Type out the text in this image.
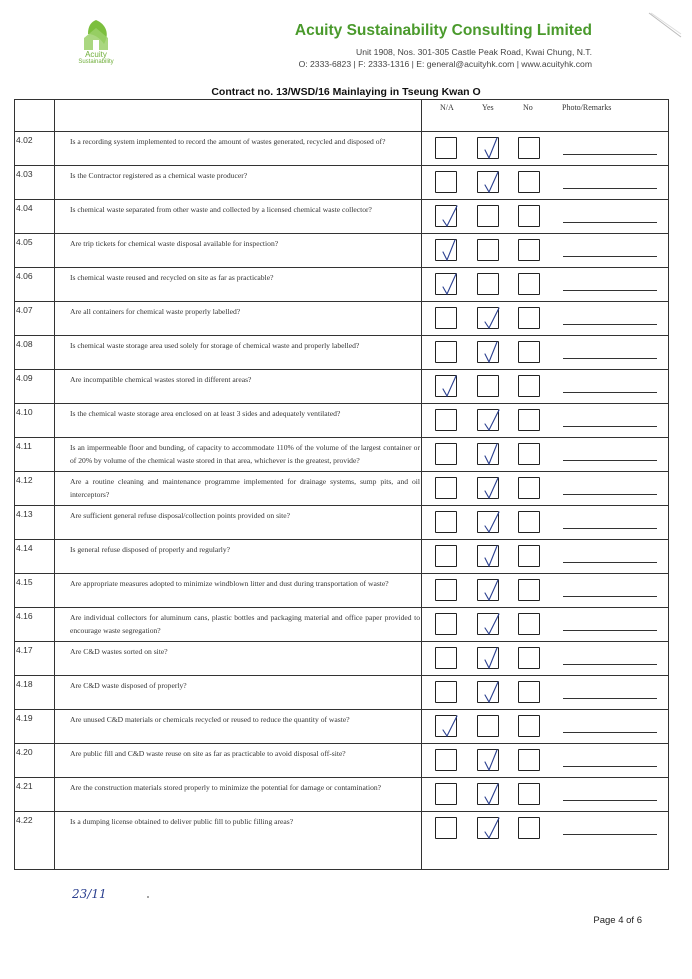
Acuity
Sustainability
Acuity Sustainability Consulting Limited
Unit 1908, Nos. 301-305 Castle Peak Road, Kwai Chung, N.T.
O: 2333-6823 | F: 2333-1316 | E: general@acuityhk.com | www.acuityhk.com
Contract no. 13/WSD/16 Mainlaying in Tseung Kwan O
N/A	Yes	No	Photo/Remarks
4.02	Is a recording system implemented to record the amount of wastes generated, recycled and disposed of?
4.03	Is the Contractor registered as a chemical waste producer?
4.04	Is chemical waste separated from other waste and collected by a licensed chemical waste collector?
4.05	Are trip tickets for chemical waste disposal available for inspection?
4.06	Is chemical waste reused and recycled on site as far as practicable?
4.07	Are all containers for chemical waste properly labelled?
4.08	Is chemical waste storage area used solely for storage of chemical waste and properly labelled?
4.09	Are incompatible chemical wastes stored in different areas?
4.10	Is the chemical waste storage area enclosed on at least 3 sides and adequately ventilated?
4.11	Is an impermeable floor and bunding, of capacity to accommodate 110% of the volume of the largest container or of 20% by volume of the chemical waste stored in that area, whichever is the greatest, provide?
4.12	Are a routine cleaning and maintenance programme implemented for drainage systems, sump pits, and oil interceptors?
4.13	Are sufficient general refuse disposal/collection points provided on site?
4.14	Is general refuse disposed of properly and regularly?
4.15	Are appropriate measures adopted to minimize windblown litter and dust during transportation of waste?
4.16	Are individual collectors for aluminum cans, plastic bottles and packaging material and office paper provided to encourage waste segregation?
4.17	Are C&D wastes sorted on site?
4.18	Are C&D waste disposed of properly?
4.19	Are unused C&D materials or chemicals recycled or reused to reduce the quantity of waste?
4.20	Are public fill and C&D waste reuse on site as far as practicable to avoid disposal off-site?
4.21	Are the construction materials stored properly to minimize the potential for damage or contamination?
4.22	Is a dumping license obtained to deliver public fill to public filling areas?
23/11
Page 4 of 6
